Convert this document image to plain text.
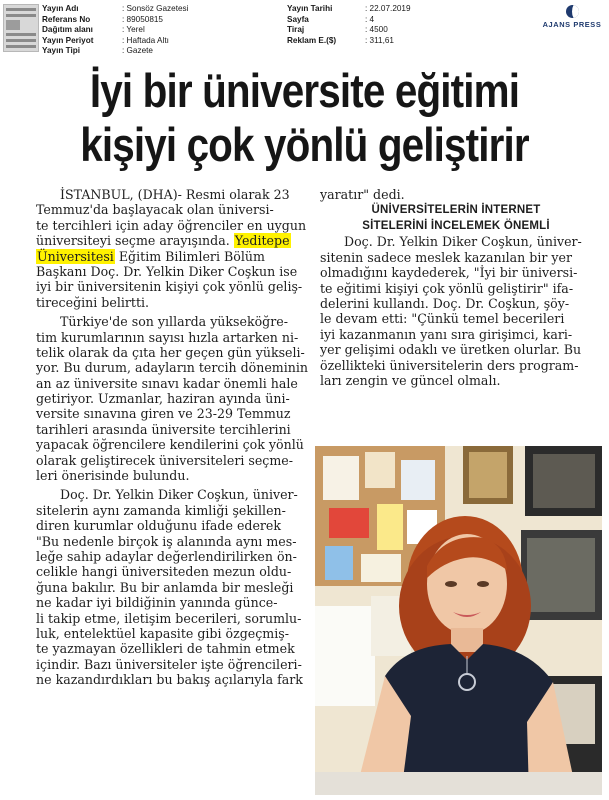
Yayın Adı	: Sonsöz Gazetesi
Referans No	: 89050815
Dağıtım alanı	: Yerel
Yayın Periyot	: Haftada Altı
Yayın Tipi	: Gazete
Yayın Tarihi	: 22.07.2019
Sayfa	: 4
Tiraj	: 4500
Reklam E.($)	: 311,61
AJANS PRESS
İyi bir üniversite eğitimi
kişiyi çok yönlü geliştirir
İSTANBUL, (DHA)- Resmi olarak 23
Temmuz'da başlayacak olan üniversi-
te tercihleri için aday öğrenciler en uygun
üniversiteyi seçme arayışında. Yeditepe
Üniversitesi Eğitim Bilimleri Bölüm
Başkanı Doç. Dr. Yelkin Diker Coşkun ise
iyi bir üniversitenin kişiyi çok yönlü geliş-
tireceğini belirtti.
Türkiye'de son yıllarda yükseköğre-
tim kurumlarının sayısı hızla artarken ni-
telik olarak da çıta her geçen gün yükseli-
yor. Bu durum, adayların tercih döneminin
an az üniversite sınavı kadar önemli hale
getiriyor. Uzmanlar, haziran ayında üni-
versite sınavına giren ve 23-29 Temmuz
tarihleri arasında üniversite tercihlerini
yapacak öğrencilere kendilerini çok yönlü
olarak geliştirecek üniversiteleri seçme-
leri önerisinde bulundu.
Doç. Dr. Yelkin Diker Coşkun, üniver-
sitelerin aynı zamanda kimliği şekillen-
diren kurumlar olduğunu ifade ederek
"Bu nedenle birçok iş alanında aynı mes-
leğe sahip adaylar değerlendirilirken ön-
celikle hangi üniversiteden mezun oldu-
ğuna bakılır. Bu bir anlamda bir mesleği
ne kadar iyi bildiğinin yanında günce-
li takip etme, iletişim becerileri, sorumlu-
luk, entelektüel kapasite gibi özgeçmiş-
te yazmayan özellikleri de tahmin etmek
içindir. Bazı üniversiteler işte öğrencileri-
ne kazandırdıkları bu bakış açılarıyla fark
yaratır" dedi.
ÜNİVERSİTELERİN İNTERNET
SİTELERİNİ İNCELEMEK ÖNEMLİ
Doç. Dr. Yelkin Diker Coşkun, üniver-
sitenin sadece meslek kazanılan bir yer
olmadığını kaydederek, "İyi bir üniversi-
te eğitimi kişiyi çok yönlü geliştirir" ifa-
delerini kullandı. Doç. Dr. Coşkun, şöy-
le devam etti: "Çünkü temel becerileri
iyi kazanmanın yanı sıra girişimci, kari-
yer gelişimi odaklı ve üretken olurlar. Bu
özellikteki üniversitelerin ders program-
ları zengin ve güncel olmalı.
